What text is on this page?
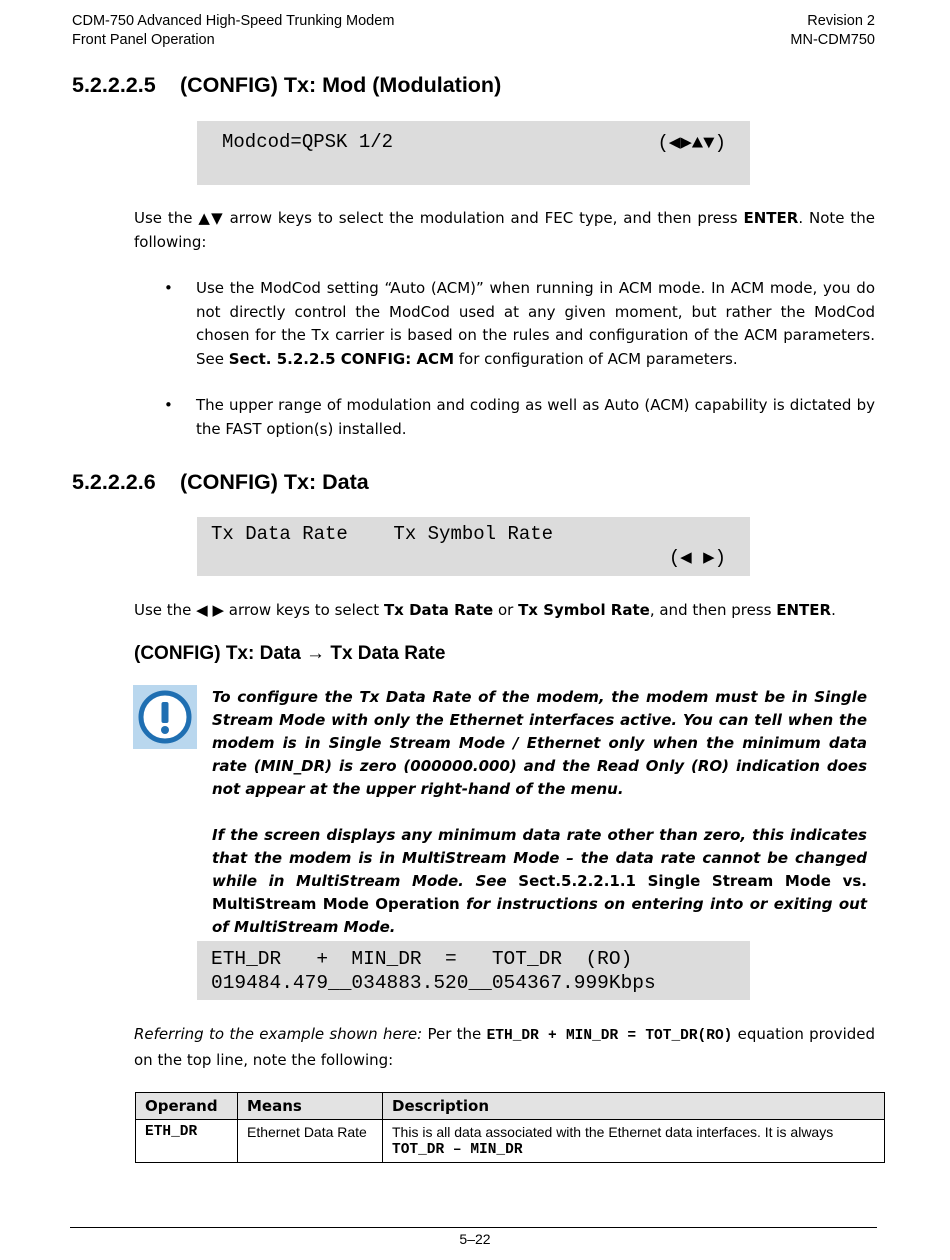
CDM-750 Advanced High-Speed Trunking Modem
Front Panel Operation
Revision 2
MN-CDM750
5.2.2.2.5 (CONFIG) Tx: Mod (Modulation)
Modcod=QPSK 1/2	(◀▶▲▼)
Use the ▲▼ arrow keys to select the modulation and FEC type, and then press ENTER. Note the following:
• Use the ModCod setting “Auto (ACM)” when running in ACM mode. In ACM mode, you do not directly control the ModCod used at any given moment, but rather the ModCod chosen for the Tx carrier is based on the rules and configuration of the ACM parameters. See Sect. 5.2.2.5 CONFIG: ACM for configuration of ACM parameters.
• The upper range of modulation and coding as well as Auto (ACM) capability is dictated by the FAST option(s) installed.
5.2.2.2.6 (CONFIG) Tx: Data
Tx Data Rate    Tx Symbol Rate
(◀ ▶)
Use the ◀ ▶ arrow keys to select Tx Data Rate or Tx Symbol Rate, and then press ENTER.
(CONFIG) Tx: Data → Tx Data Rate

To configure the Tx Data Rate of the modem, the modem must be in Single Stream Mode with only the Ethernet interfaces active. You can tell when the modem is in Single Stream Mode / Ethernet only when the minimum data rate (MIN_DR) is zero (000000.000) and the Read Only (RO) indication does not appear at the upper right-hand of the menu.

If the screen displays any minimum data rate other than zero, this indicates that the modem is in MultiStream Mode – the data rate cannot be changed while in MultiStream Mode. See Sect.5.2.2.1.1 Single Stream Mode vs. MultiStream Mode Operation for instructions on entering into or exiting out of MultiStream Mode.

ETH_DR   +  MIN_DR  =   TOT_DR  (RO)
019484.479__034883.520__054367.999Kbps
Referring to the example shown here: Per the ETH_DR + MIN_DR = TOT_DR(RO) equation provided on the top line, note the following:
Operand	Means	Description
ETH_DR	Ethernet Data Rate	This is all data associated with the Ethernet data interfaces. It is always
TOT_DR – MIN_DR
5–22
